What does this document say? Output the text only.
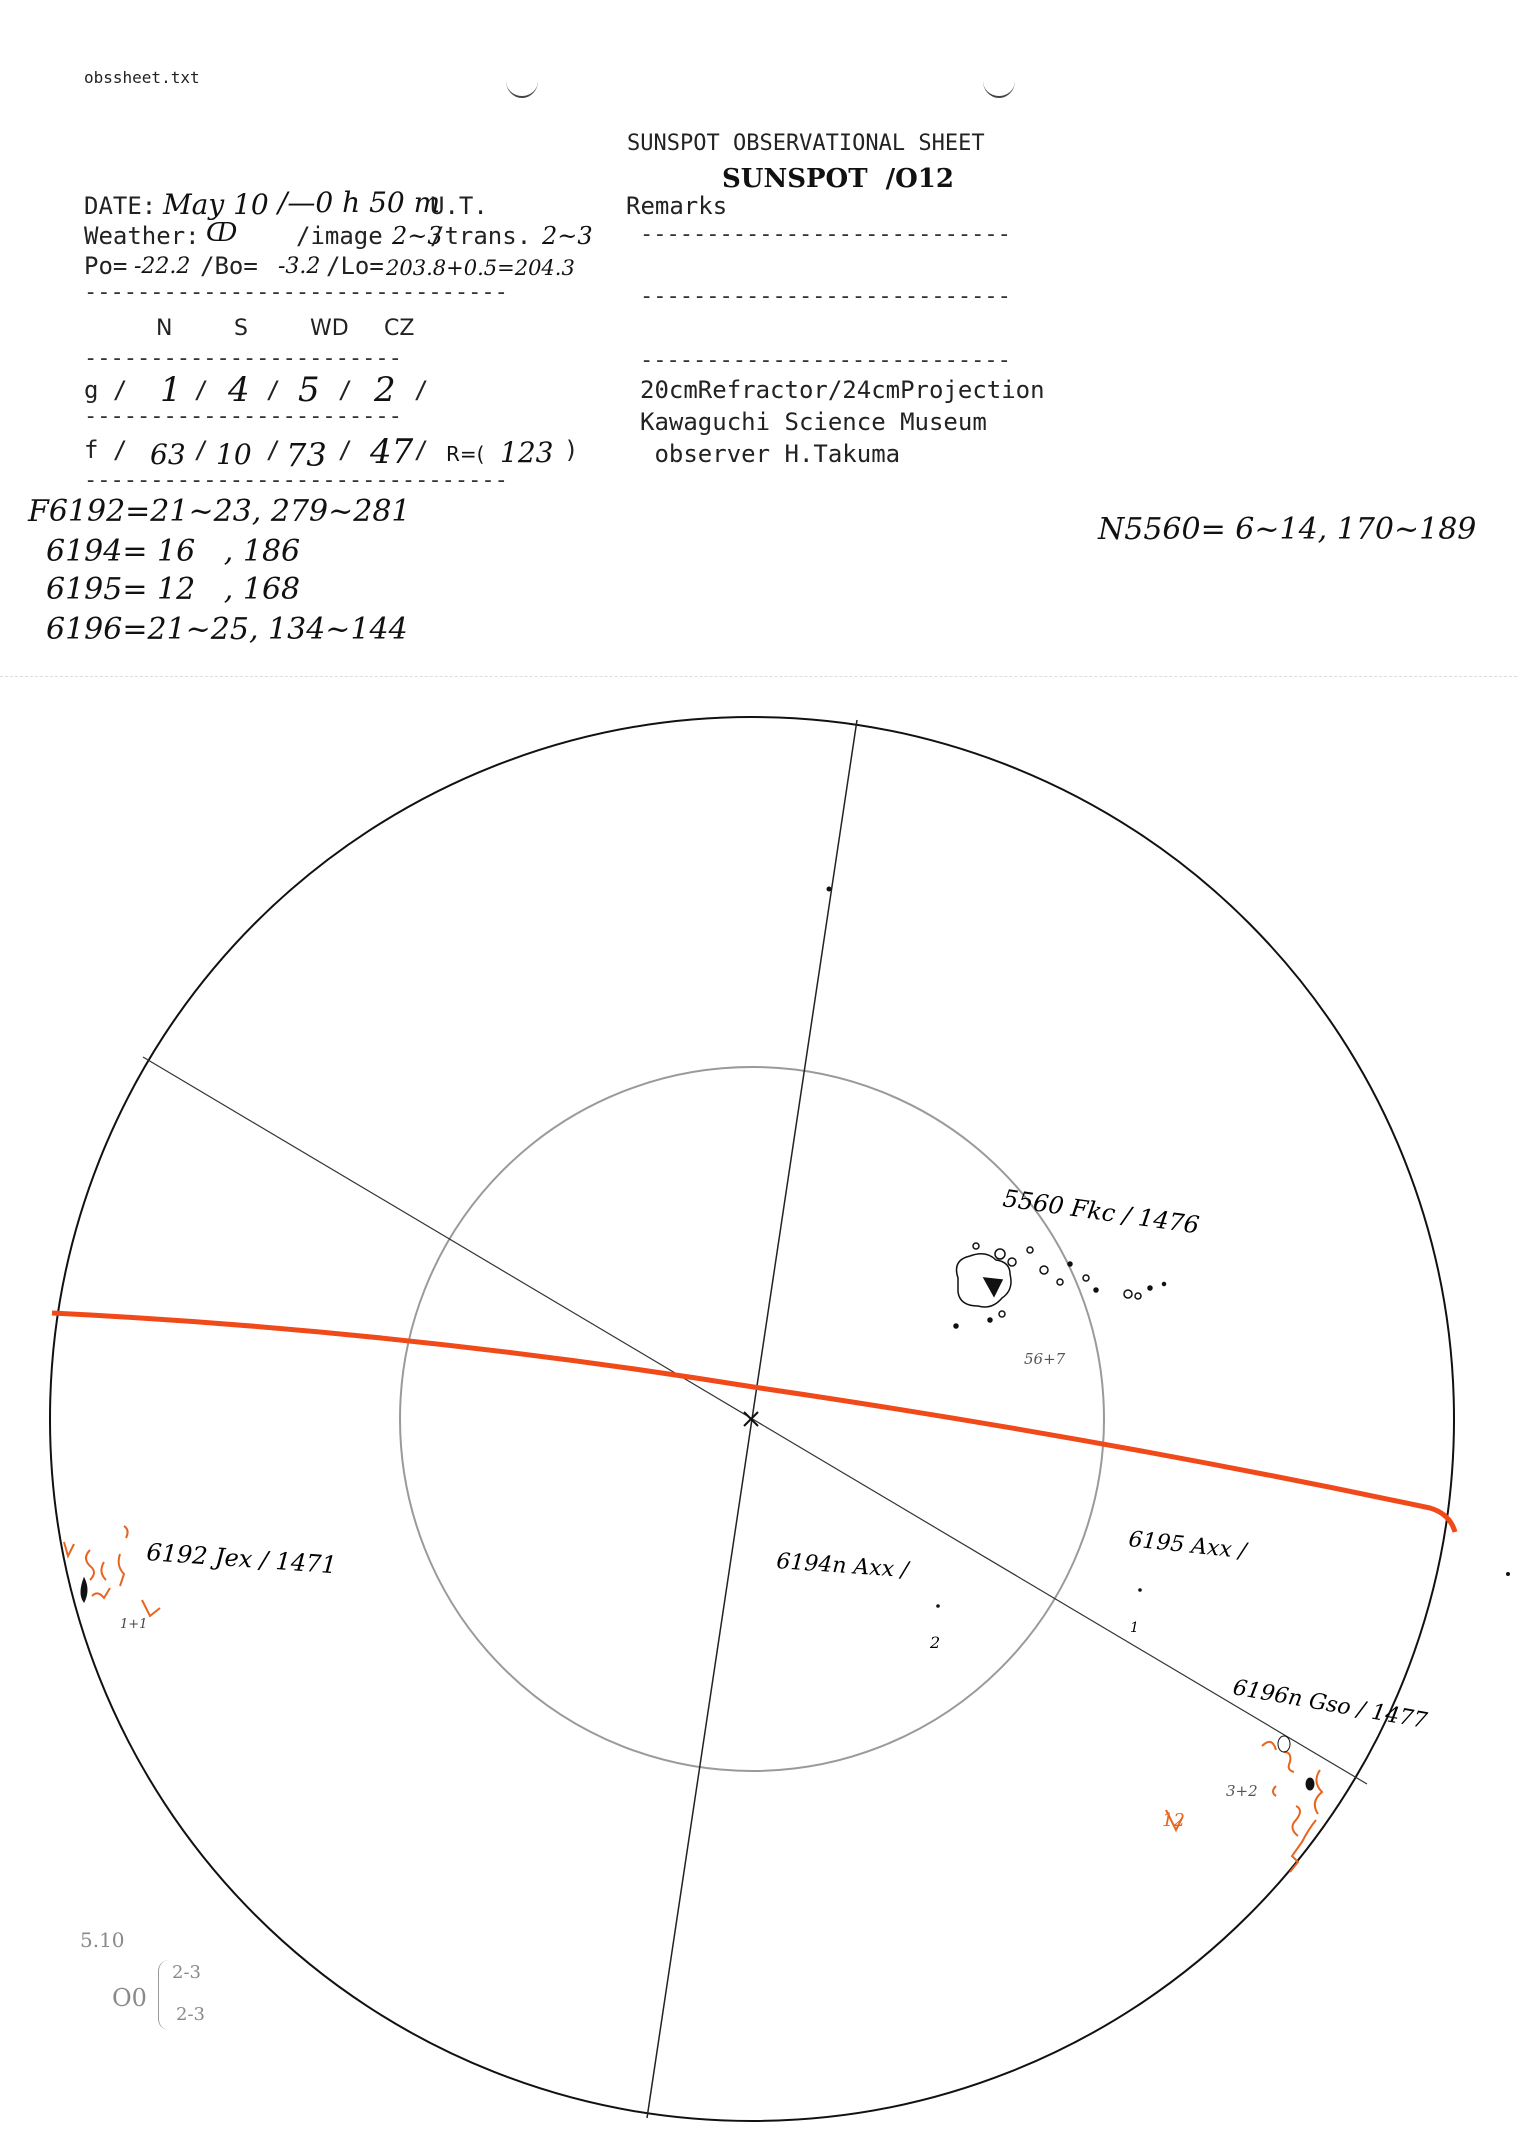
obssheet.txt
SUNSPOT OBSERVATIONAL SHEET
SUNSPOT  /O12
DATE: May 10 /—0 h 50 m
U.T.	Remarks
Weather: ↀ /image 2~3
/trans. 2~3 ----------------------------
Po= -22.2 /Bo= -3.2 /Lo= 203.8+0.5=204.3
--------------------------------	----------------------------
N	S	WD CZ
------------------------	----------------------------
g / 1 / 4 / 5 / 2 /	20cmRefractor/24cmProjection
------------------------	Kawaguchi Science Museum
f / 63 / 10 / 73 / 47 / R=( 123 )	observer H.Takuma
--------------------------------
F6192=21~23, 279~281
6194= 16   , 186
6195= 12   , 168
6196=21~25, 134~144
N5560= 6~14, 170~189
5560 Fkc / 1476
56+7
6192 Jex / 1471
1+1
6194n Axx /
2
6195 Axx /
1
6196n Gso / 1477
3+2
12
5.10
O0
2-3
2-3
